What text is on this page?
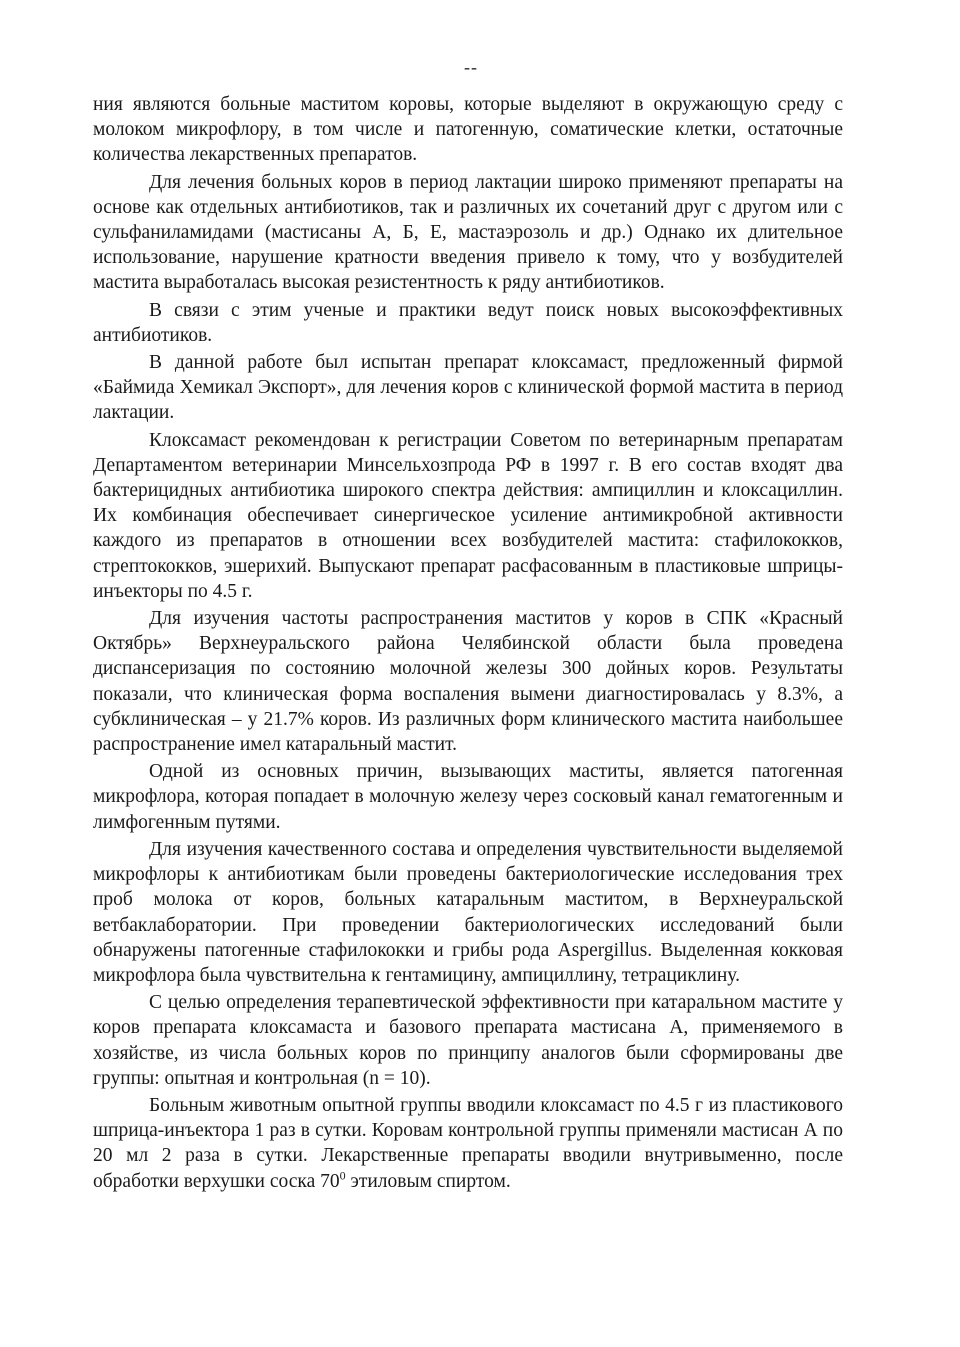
--

ния являются больные маститом коровы, которые выделяют в окружающую среду с молоком микрофлору, в том числе и патогенную, соматические клетки, остаточные количества лекарственных препаратов.

Для лечения больных коров в период лактации широко применяют препараты на основе как отдельных антибиотиков, так и различных их сочетаний друг с другом или с сульфаниламидами (мастисаны А, Б, Е, мастаэрозоль и др.) Однако их длительное использование, нарушение кратности введения привело к тому, что у возбудителей мастита выработалась высокая резистентность к ряду антибиотиков.

В связи с этим ученые и практики ведут поиск новых высокоэффективных антибиотиков.

В данной работе был испытан препарат клоксамаст, предложенный фирмой «Баймида Хемикал Экспорт», для лечения коров с клинической формой мастита в период лактации.

Клоксамаст рекомендован к регистрации Советом по ветеринарным препаратам Департаментом ветеринарии Минсельхозпрода РФ в 1997 г. В его состав входят два бактерицидных антибиотика широкого спектра действия: ампициллин и клоксациллин. Их комбинация обеспечивает синергическое усиление антимикробной активности каждого из препаратов в отношении всех возбудителей мастита: стафилококков, стрептококков, эшерихий. Выпускают препарат расфасованным в пластиковые шприцы-инъекторы по 4.5 г.

Для изучения частоты распространения маститов у коров в СПК «Красный Октябрь» Верхнеуральского района Челябинской области была проведена диспансеризация по состоянию молочной железы 300 дойных коров. Результаты показали, что клиническая форма воспаления вымени диагностировалась у 8.3%, а субклиническая – у 21.7% коров. Из различных форм клинического мастита наибольшее распространение имел катаральный мастит.

Одной из основных причин, вызывающих маститы, является патогенная микрофлора, которая попадает в молочную железу через сосковый канал гематогенным и лимфогенным путями.

Для изучения качественного состава и определения чувствительности выделяемой микрофлоры к антибиотикам были проведены бактериологические исследования трех проб молока от коров, больных катаральным маститом, в Верхнеуральской ветбаклаборатории. При проведении бактериологических исследований были обнаружены патогенные стафилококки и грибы рода Aspergillus. Выделенная кокковая микрофлора была чувствительна к гентамицину, ампициллину, тетрациклину.

С целью определения терапевтической эффективности при катаральном мастите у коров препарата клоксамаста и базового препарата мастисана А, применяемого в хозяйстве, из числа больных коров по принципу аналогов были сформированы две группы: опытная и контрольная (n = 10).

Больным животным опытной группы вводили клоксамаст по 4.5 г из пластикового шприца-инъектора 1 раз в сутки. Коровам контрольной группы применяли мастисан А по 20 мл 2 раза в сутки. Лекарственные препараты вводили внутривыменно, после обработки верхушки соска $70^0$ этиловым спиртом.
